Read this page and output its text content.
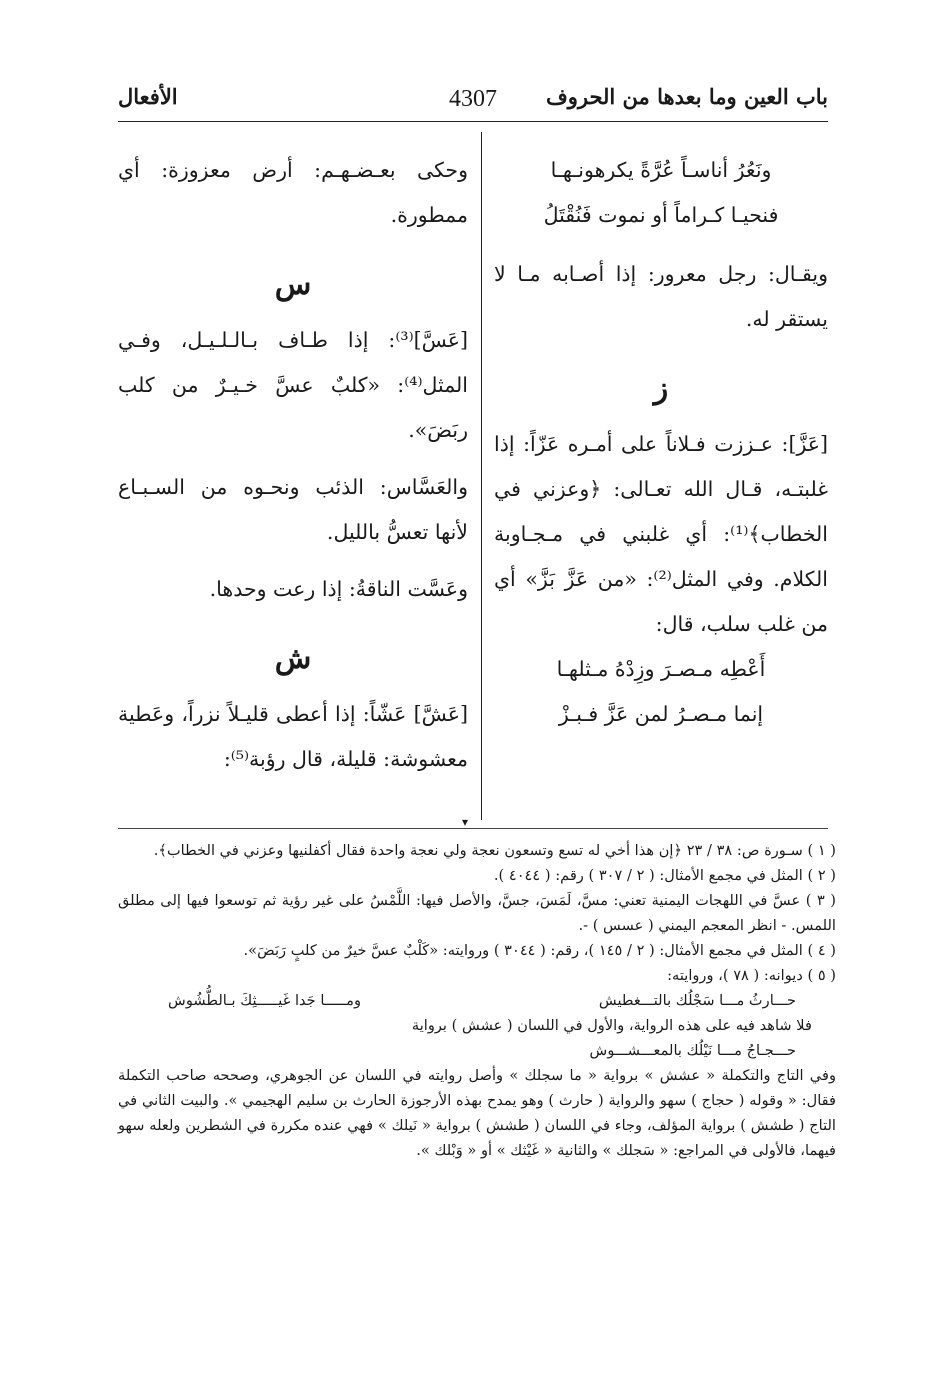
باب العين وما بعدها من الحروف
4307
الأفعال

ونَعُرُ أناسـاً عُرَّةً يكرهونـهـا

فنحيـا كـراماً أو نموت فَنُقْتَلُ

ويقـال: رجل معرور: إذا أصـابه مـا لا يستقر له.

ز

[عَزَّ]: عـززت فـلاناً على أمـره عَزّاً: إذا غلبتـه، قـال الله تعـالى: ﴿وعزني في الخطاب﴾⁽¹⁾: أي غلبني في مـجـاوبة الكلام. وفي المثل⁽²⁾: «من عَزَّ بَزَّ» أي من غلب سلب، قال:

أَعْطِه مـصـرَ وزِدْهُ مـثلهـا

إنما مـصـرُ لمن عَزَّ فـبـزْ

وحكى بعـضـهـم: أرض معزوزة: أي ممطورة.

س

[عَسَّ]⁽³⁾: إذا طـاف بـالـلـيـل، وفـي المثل⁽⁴⁾: «كلبٌ عسَّ خـيـرٌ من كلب ربَضَ».

والعَسَّاس: الذئب ونحـوه من السـبـاع لأنها تعسُّ بالليل.

وعَسَّت الناقةُ: إذا رعت وحدها.

ش

[عَشَّ] عَشّاً: إذا أعطى قليـلاً نزراً، وعَطية معشوشة: قليلة، قال رؤبة⁽⁵⁾:

▾

( ١ ) سـورة ص: ٣٨ / ٢٣ ﴿إن هذا أخي له تسع وتسعون نعجة ولي نعجة واحدة فقال أكفلنيها وعزني في الخطاب﴾.

( ٢ ) المثل في مجمع الأمثال: ( ٢ / ٣٠٧ ) رقم: ( ٤٠٤٤ ).

( ٣ ) عسَّ في اللهجات اليمنية تعني: مسَّ، لَمَسَ، جسَّ، والأصل فيها: اللَّمْسُ على غير رؤية ثم توسعوا فيها إلى مطلق اللمس. - انظر المعجم اليمني ( عسس ) -.

( ٤ ) المثل في مجمع الأمثال: ( ٢ / ١٤٥ )، رقم: ( ٣٠٤٤ ) وروايته: «كَلْبٌ عسَّ خيرٌ من كلبٍ رَبَضَ».

( ٥ ) ديوانه: ( ٧٨ )، وروايته:

حـــارثُ مـــا سَجْلُك بالتـــغطيش
ومـــــا جَدا غَيـــــثِكَ بـالطُّشُوش

فلا شاهد فيه على هذه الرواية، والأول في اللسان ( عشش ) برواية

حـــجـاجُ مـــا نَيْلُك بالمعـــشـــوش

وفي التاج والتكملة « عشش » برواية « ما سجلك » وأصل روايته في اللسان عن الجوهري، وصححه صاحب التكملة فقال: « وقوله ( حجاج ) سهو والرواية ( حارث ) وهو يمدح بهذه الأرجوزة الحارث بن سليم الهجيمي ». والبيت الثاني في التاج ( طشش ) برواية المؤلف، وجاء في اللسان ( طشش ) برواية « نَيلك » فهي عنده مكررة في الشطرين ولعله سهو فيهما، فالأولى في المراجع: « سَجلك » والثانية « غَيْثك » أو « وَبْلك ».
